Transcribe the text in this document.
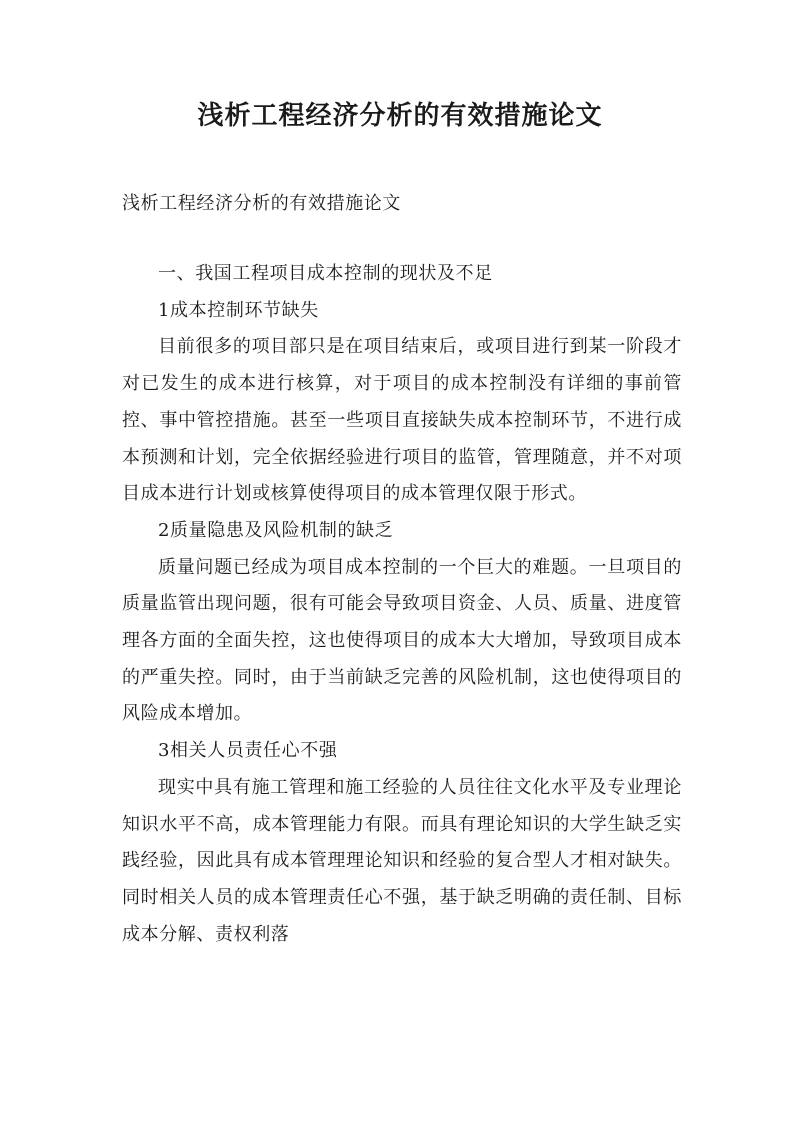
浅析工程经济分析的有效措施论文
浅析工程经济分析的有效措施论文

一、我国工程项目成本控制的现状及不足

1成本控制环节缺失

目前很多的项目部只是在项目结束后，或项目进行到某一阶段才对已发生的成本进行核算，对于项目的成本控制没有详细的事前管控、事中管控措施。甚至一些项目直接缺失成本控制环节，不进行成本预测和计划，完全依据经验进行项目的监管，管理随意，并不对项目成本进行计划或核算使得项目的成本管理仅限于形式。

2质量隐患及风险机制的缺乏

质量问题已经成为项目成本控制的一个巨大的难题。一旦项目的质量监管出现问题，很有可能会导致项目资金、人员、质量、进度管理各方面的全面失控，这也使得项目的成本大大增加，导致项目成本的严重失控。同时，由于当前缺乏完善的风险机制，这也使得项目的风险成本增加。

3相关人员责任心不强

现实中具有施工管理和施工经验的人员往往文化水平及专业理论知识水平不高，成本管理能力有限。而具有理论知识的大学生缺乏实践经验，因此具有成本管理理论知识和经验的复合型人才相对缺失。同时相关人员的成本管理责任心不强，基于缺乏明确的责任制、目标成本分解、责权利落
